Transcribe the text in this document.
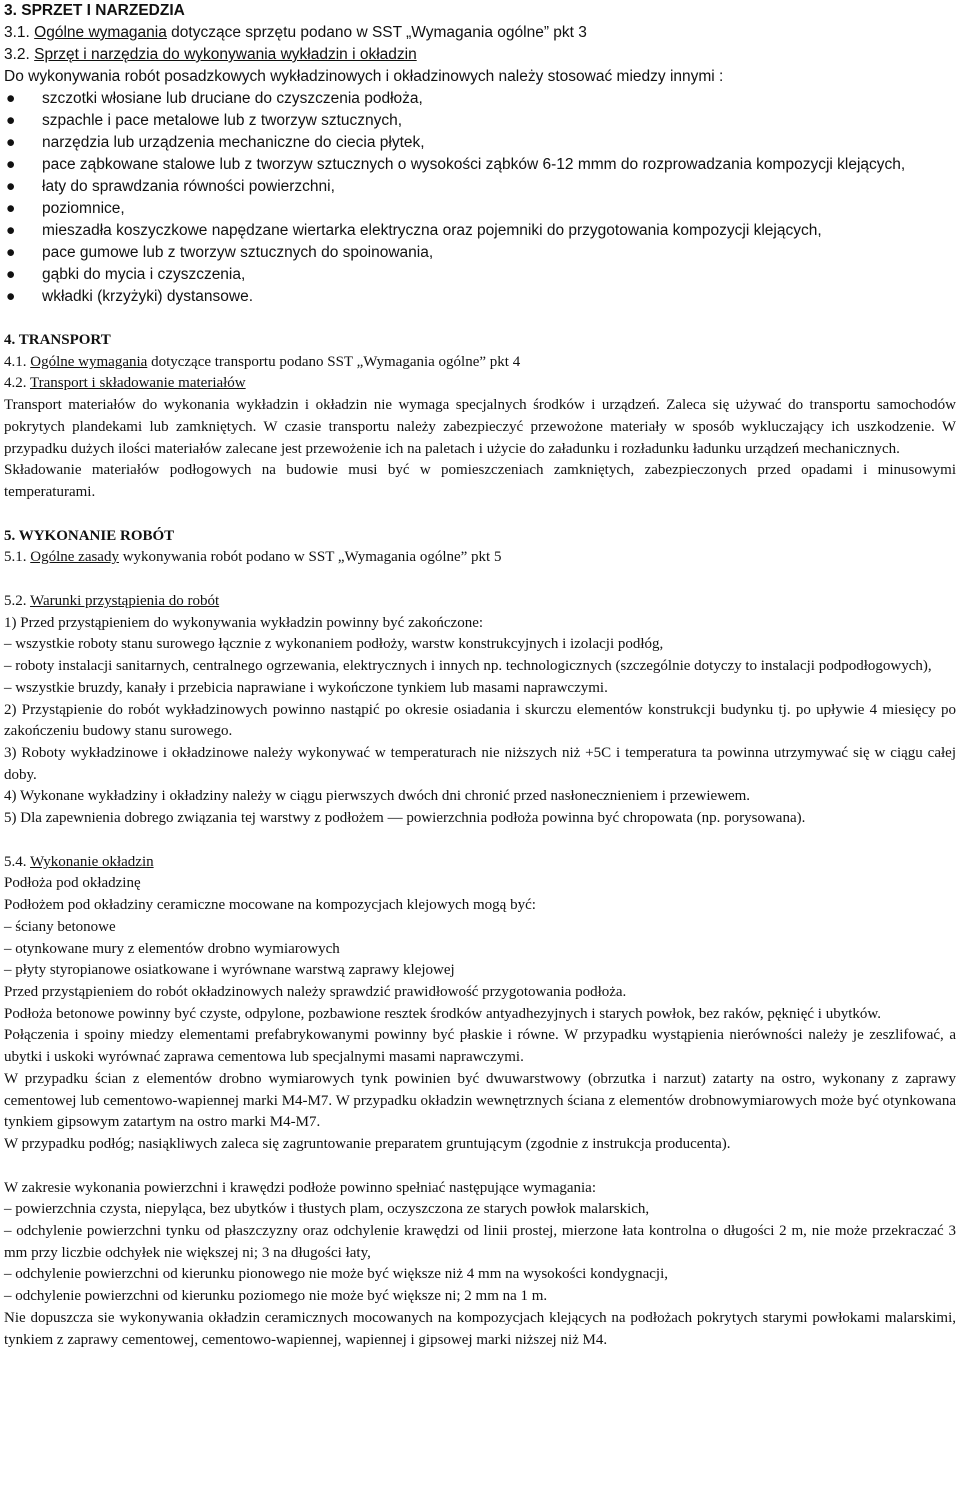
3. SPRZET I NARZEDZIA
3.1. Ogólne wymagania dotyczące sprzętu podano w SST „Wymagania ogólne” pkt 3
3.2. Sprzęt i narzędzia do wykonywania wykładzin i okładzin
Do wykonywania robót posadzkowych wykładzinowych i okładzinowych należy stosować miedzy innymi :
● szczotki włosiane lub druciane do czyszczenia podłoża,
● szpachle i pace metalowe lub z tworzyw sztucznych,
● narzędzia lub urządzenia mechaniczne do ciecia płytek,
● pace ząbkowane stalowe lub z tworzyw sztucznych o wysokości ząbków 6-12 mmm do rozprowadzania kompozycji klejących,
● łaty do sprawdzania równości powierzchni,
● poziomnice,
● mieszadła koszyczkowe napędzane wiertarka elektryczna oraz pojemniki do przygotowania kompozycji klejących,
● pace gumowe lub z tworzyw sztucznych do spoinowania,
● gąbki do mycia i czyszczenia,
● wkładki (krzyżyki) dystansowe.
4. TRANSPORT
4.1. Ogólne wymagania dotyczące transportu podano SST „Wymagania ogólne” pkt 4
4.2. Transport i składowanie materiałów

Transport materiałów do wykonania wykładzin i okładzin nie wymaga specjalnych środków i urządzeń. Zaleca się używać do transportu samochodów pokrytych plandekami lub zamkniętych. W czasie transportu należy zabezpieczyć przewożone materiały w sposób wykluczający ich uszkodzenie. W przypadku dużych ilości materiałów zalecane jest przewożenie ich na paletach i użycie do załadunku i rozładunku ładunku urządzeń mechanicznych.

Składowanie materiałów podłogowych na budowie musi być w pomieszczeniach zamkniętych, zabezpieczonych przed opadami i minusowymi temperaturami.

5. WYKONANIE ROBÓT
5.1. Ogólne zasady wykonywania robót podano w SST „Wymagania ogólne” pkt 5
5.2. Warunki przystąpienia do robót
1) Przed przystąpieniem do wykonywania wykładzin powinny być zakończone:
– wszystkie roboty stanu surowego łącznie z wykonaniem podłoży, warstw konstrukcyjnych i izolacji podłóg,
– roboty instalacji sanitarnych, centralnego ogrzewania, elektrycznych i innych np. technologicznych (szczególnie dotyczy to instalacji podpodłogowych),
– wszystkie bruzdy, kanały i przebicia naprawiane i wykończone tynkiem lub masami naprawczymi.

2) Przystąpienie do robót wykładzinowych powinno nastąpić po okresie osiadania i skurczu elementów konstrukcji budynku tj. po upływie 4 miesięcy po zakończeniu budowy stanu surowego.

3) Roboty wykładzinowe i okładzinowe należy wykonywać w temperaturach nie niższych niż +5C i temperatura ta powinna utrzymywać się w ciągu całej doby.

4) Wykonane wykładziny i okładziny należy w ciągu pierwszych dwóch dni chronić przed nasłonecznieniem i przewiewem.

5) Dla zapewnienia dobrego związania tej warstwy z podłożem — powierzchnia podłoża powinna być chropowata (np. porysowana).

5.4. Wykonanie okładzin
Podłoża pod okładzinę
Podłożem pod okładziny ceramiczne mocowane na kompozycjach klejowych mogą być:
– ściany betonowe
– otynkowane mury z elementów drobno wymiarowych
– płyty styropianowe osiatkowane i wyrównane warstwą zaprawy klejowej

Przed przystąpieniem do robót okładzinowych należy sprawdzić prawidłowość przygotowania podłoża.

Podłoża betonowe powinny być czyste, odpylone, pozbawione resztek środków antyadhezyjnych i starych powłok, bez raków, pęknięć i ubytków.

Połączenia i spoiny miedzy elementami prefabrykowanymi powinny być płaskie i równe. W przypadku wystąpienia nierówności należy je zeszlifować, a ubytki i uskoki wyrównać zaprawa cementowa lub specjalnymi masami naprawczymi.

W przypadku ścian z elementów drobno wymiarowych tynk powinien być dwuwarstwowy (obrzutka i narzut) zatarty na ostro, wykonany z zaprawy cementowej lub cementowo-wapiennej marki M4-M7. W przypadku okładzin wewnętrznych ściana z elementów drobnowymiarowych może być otynkowana tynkiem gipsowym zatartym na ostro marki M4-M7.

W przypadku podłóg; nasiąkliwych zaleca się zagruntowanie preparatem gruntującym (zgodnie z instrukcja producenta).

W zakresie wykonania powierzchni i krawędzi podłoże powinno spełniać następujące wymagania:
– powierzchnia czysta, niepyląca, bez ubytków i tłustych plam, oczyszczona ze starych powłok malarskich,
– odchylenie powierzchni tynku od płaszczyzny oraz odchylenie krawędzi od linii prostej, mierzone łata kontrolna o długości 2 m, nie może przekraczać 3 mm przy liczbie odchyłek nie większej ni; 3 na długości łaty,
– odchylenie powierzchni od kierunku pionowego nie może być większe niż 4 mm na wysokości kondygnacji,
– odchylenie powierzchni od kierunku poziomego nie może być większe ni; 2 mm na 1 m.

Nie dopuszcza sie wykonywania okładzin ceramicznych mocowanych na kompozycjach klejących na podłożach pokrytych starymi powłokami malarskimi, tynkiem z zaprawy cementowej, cementowo-wapiennej, wapiennej i gipsowej marki niższej niż M4.
